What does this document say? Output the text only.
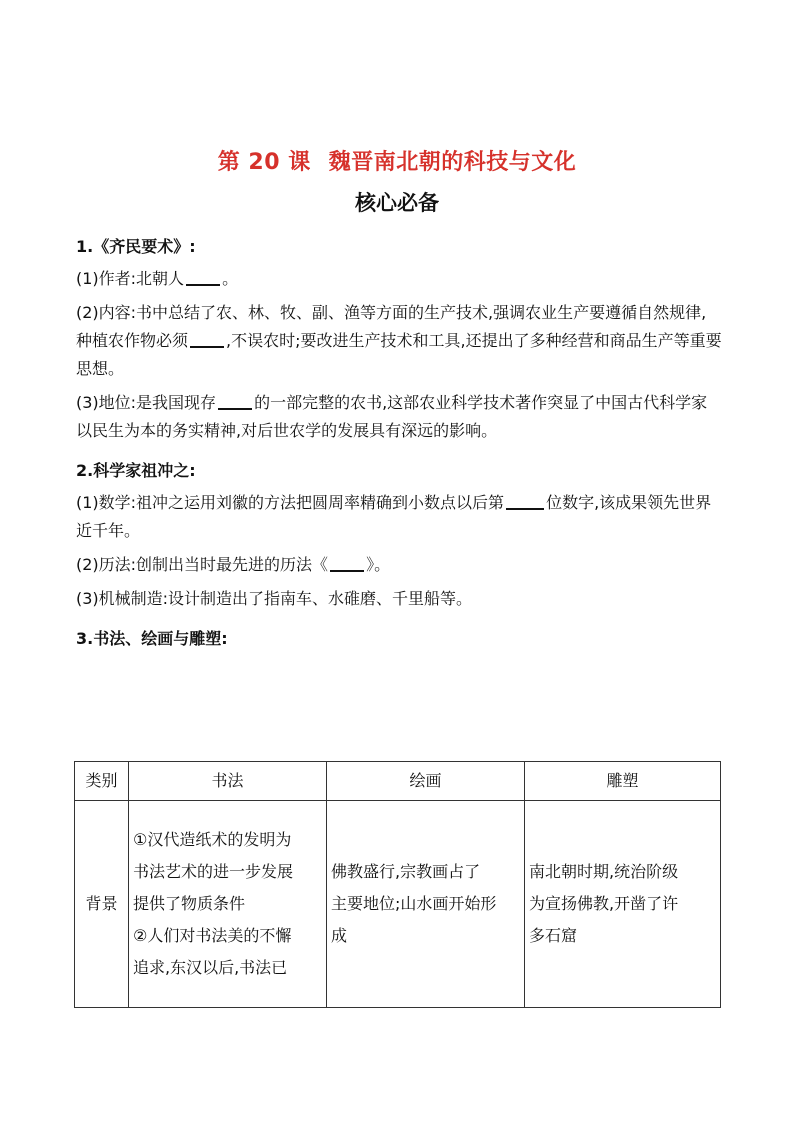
第 20 课 魏晋南北朝的科技与文化
核心必备

1.《齐民要术》:

(1)作者:北朝人 。

(2)内容:书中总结了农、林、牧、副、渔等方面的生产技术,强调农业生产要遵循自然规律,种植农作物必须 ,不误农时;要改进生产技术和工具,还提出了多种经营和商品生产等重要思想。

(3)地位:是我国现存 的一部完整的农书,这部农业科学技术著作突显了中国古代科学家以民生为本的务实精神,对后世农学的发展具有深远的影响。

2.科学家祖冲之:

(1)数学:祖冲之运用刘徽的方法把圆周率精确到小数点以后第	位数字,该成果领先世界近千年。

(2)历法:创制出当时最先进的历法《 》。

(3)机械制造:设计制造出了指南车、水碓磨、千里船等。

3.书法、绘画与雕塑:

类别	书法	绘画	雕塑
背景	①汉代造纸术的发明为
书法艺术的进一步发展
提供了物质条件
②人们对书法美的不懈
追求,东汉以后,书法已	佛教盛行,宗教画占了
主要地位;山水画开始形
成	南北朝时期,统治阶级
为宣扬佛教,开凿了许
多石窟
